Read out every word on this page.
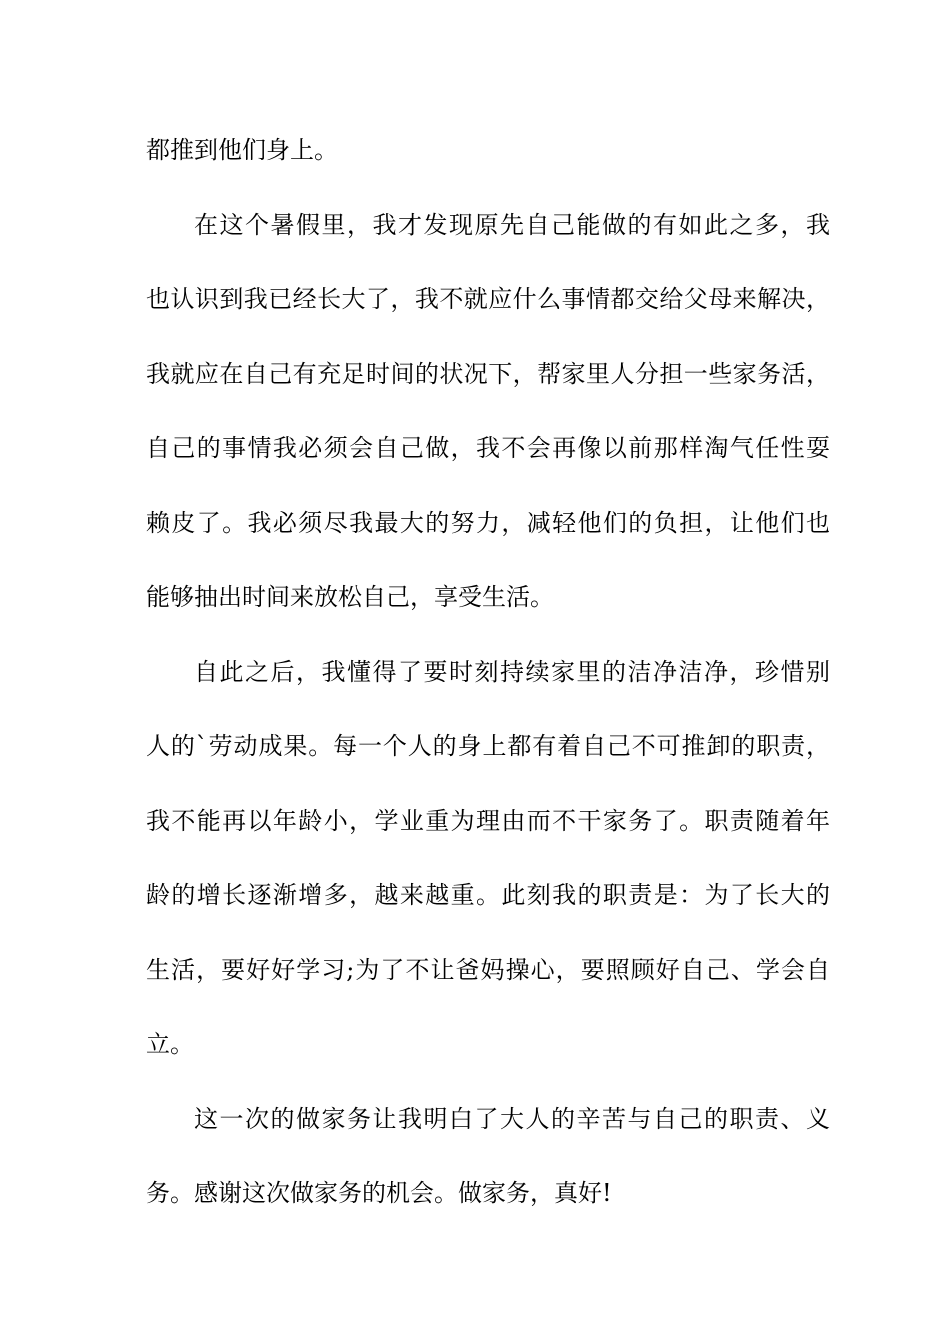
都推到他们身上。
在这个暑假里，我才发现原先自己能做的有如此之多，我
也认识到我已经长大了，我不就应什么事情都交给父母来解决，
我就应在自己有充足时间的状况下，帮家里人分担一些家务活，
自己的事情我必须会自己做，我不会再像以前那样淘气任性耍
赖皮了。我必须尽我最大的努力，减轻他们的负担，让他们也
能够抽出时间来放松自己，享受生活。
自此之后，我懂得了要时刻持续家里的洁净洁净，珍惜别
人的`劳动成果。每一个人的身上都有着自己不可推卸的职责，
我不能再以年龄小，学业重为理由而不干家务了。职责随着年
龄的增长逐渐增多，越来越重。此刻我的职责是：为了长大的
生活，要好好学习;为了不让爸妈操心，要照顾好自己、学会自
立。
这一次的做家务让我明白了大人的辛苦与自己的职责、义
务。感谢这次做家务的机会。做家务，真好!
